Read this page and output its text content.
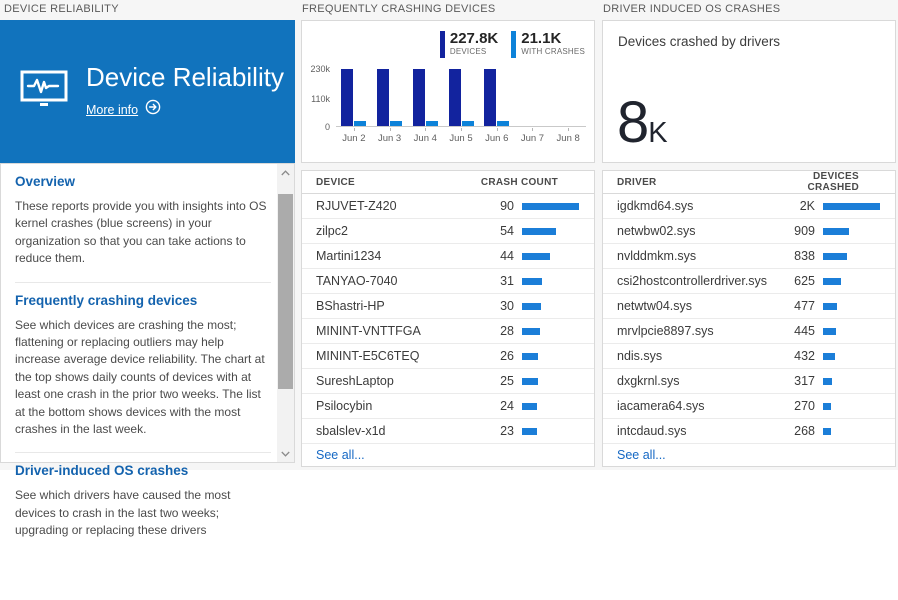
DEVICE RELIABILITY
Device Reliability
More info
Overview
These reports provide you with insights into OS kernel crashes (blue screens) in your organization so that you can take actions to reduce them.
Frequently crashing devices
See which devices are crashing the most; flattening or replacing outliers may help increase average device reliability. The chart at the top shows daily counts of devices with at least one crash in the prior two weeks. The list at the bottom shows devices with the most crashes in the last week.
Driver-induced OS crashes
See which drivers have caused the most devices to crash in the last two weeks; upgrading or replacing these drivers
FREQUENTLY CRASHING DEVICES
227.8K
DEVICES
21.1K
WITH CRASHES
230k
110k
0
Jun 2	Jun 3	Jun 4	Jun 5	Jun 6	Jun 7	Jun 8
DEVICE	CRASH COUNT
RJUVET-Z420	90
zilpc2	54
Martini1234	44
TANYAO-7040	31
BShastri-HP	30
MININT-VNTTFGA	28
MININT-E5C6TEQ	26
SureshLaptop	25
Psilocybin	24
sbalslev-x1d	23
See all...
DRIVER INDUCED OS CRASHES
Devices crashed by drivers
8K
DRIVER	DEVICES CRASHED
igdkmd64.sys	2K
netwbw02.sys	909
nvlddmkm.sys	838
csi2hostcontrollerdriver.sys	625
netwtw04.sys	477
mrvlpcie8897.sys	445
ndis.sys	432
dxgkrnl.sys	317
iacamera64.sys	270
intcdaud.sys	268
See all...
